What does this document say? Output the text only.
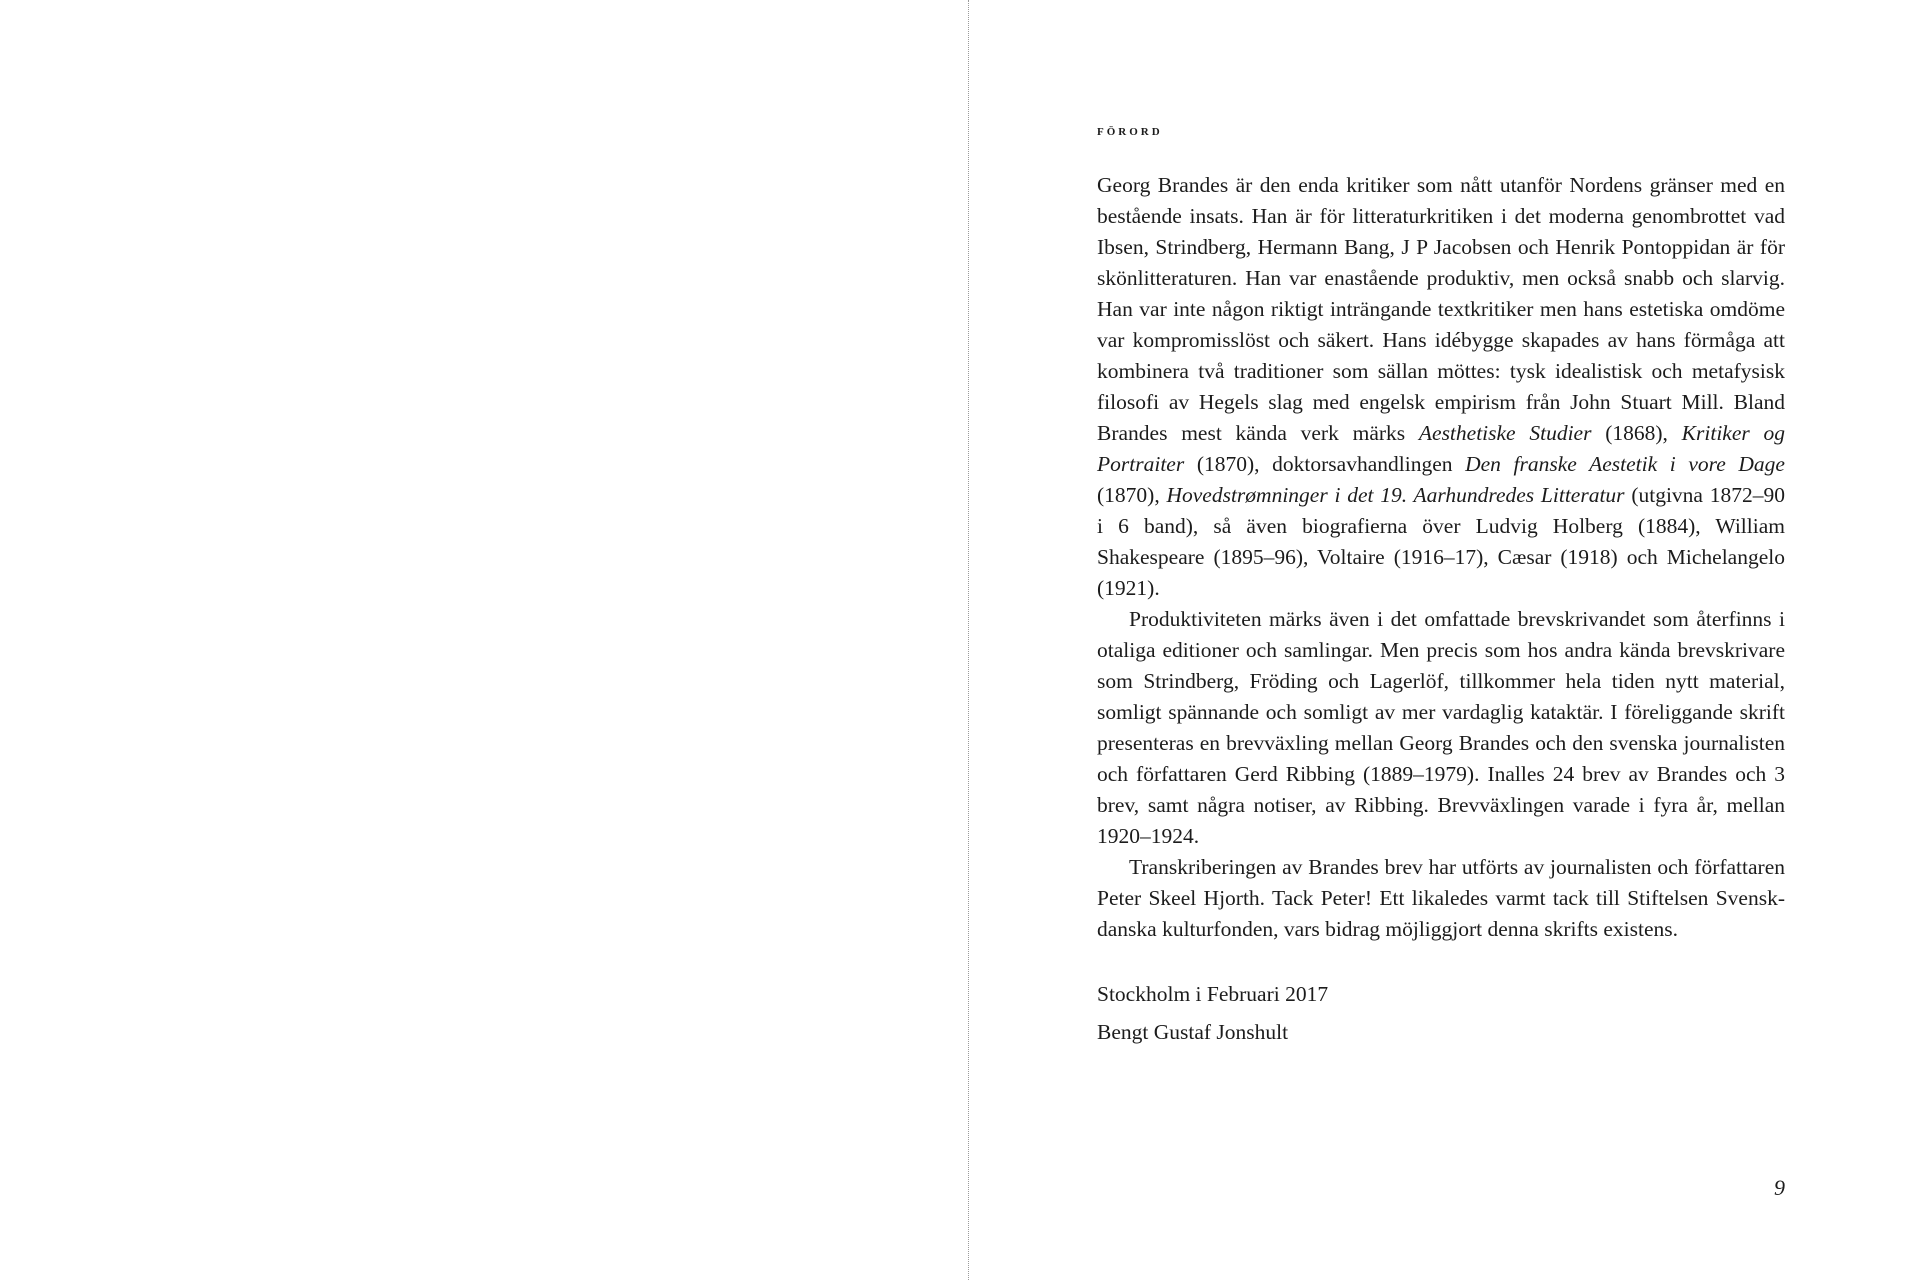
förord

Georg Brandes är den enda kritiker som nått utanför Nordens gränser med en bestående insats. Han är för litteraturkritiken i det moderna genombrottet vad Ibsen, Strindberg, Hermann Bang, J P Jacobsen och Henrik Pontoppidan är för skönlitteraturen. Han var enastående produktiv, men också snabb och slarvig. Han var inte någon riktigt inträngande textkritiker men hans estetiska omdöme var kompromisslöst och säkert. Hans idébygge skapades av hans förmåga att kombinera två traditioner som sällan möttes: tysk idealistisk och metafysisk filosofi av Hegels slag med engelsk empirism från John Stuart Mill. Bland Brandes mest kända verk märks Aesthetiske Studier (1868), Kritiker og Portraiter (1870), doktorsavhandlingen Den franske Aestetik i vore Dage (1870), Hovedstrømninger i det 19. Aarhundredes Litteratur (utgivna 1872–90 i 6 band), så även biografierna över Ludvig Holberg (1884), William Shakespeare (1895–96), Voltaire (1916–17), Cæsar (1918) och Michelangelo (1921).

Produktiviteten märks även i det omfattade brevskrivandet som återfinns i otaliga editioner och samlingar. Men precis som hos andra kända brevskrivare som Strindberg, Fröding och Lagerlöf, tillkommer hela tiden nytt material, somligt spännande och somligt av mer vardaglig kataktär. I föreliggande skrift presenteras en brevväxling mellan Georg Brandes och den svenska journalisten och författaren Gerd Ribbing (1889–1979). Inalles 24 brev av Brandes och 3 brev, samt några notiser, av Ribbing. Brevväxlingen varade i fyra år, mellan 1920–1924.

Transkriberingen av Brandes brev har utförts av journalisten och författaren Peter Skeel Hjorth. Tack Peter! Ett likaledes varmt tack till Stiftelsen Svensk-danska kulturfonden, vars bidrag möjliggjort denna skrifts existens.

Stockholm i Februari 2017
Bengt Gustaf Jonshult
9
